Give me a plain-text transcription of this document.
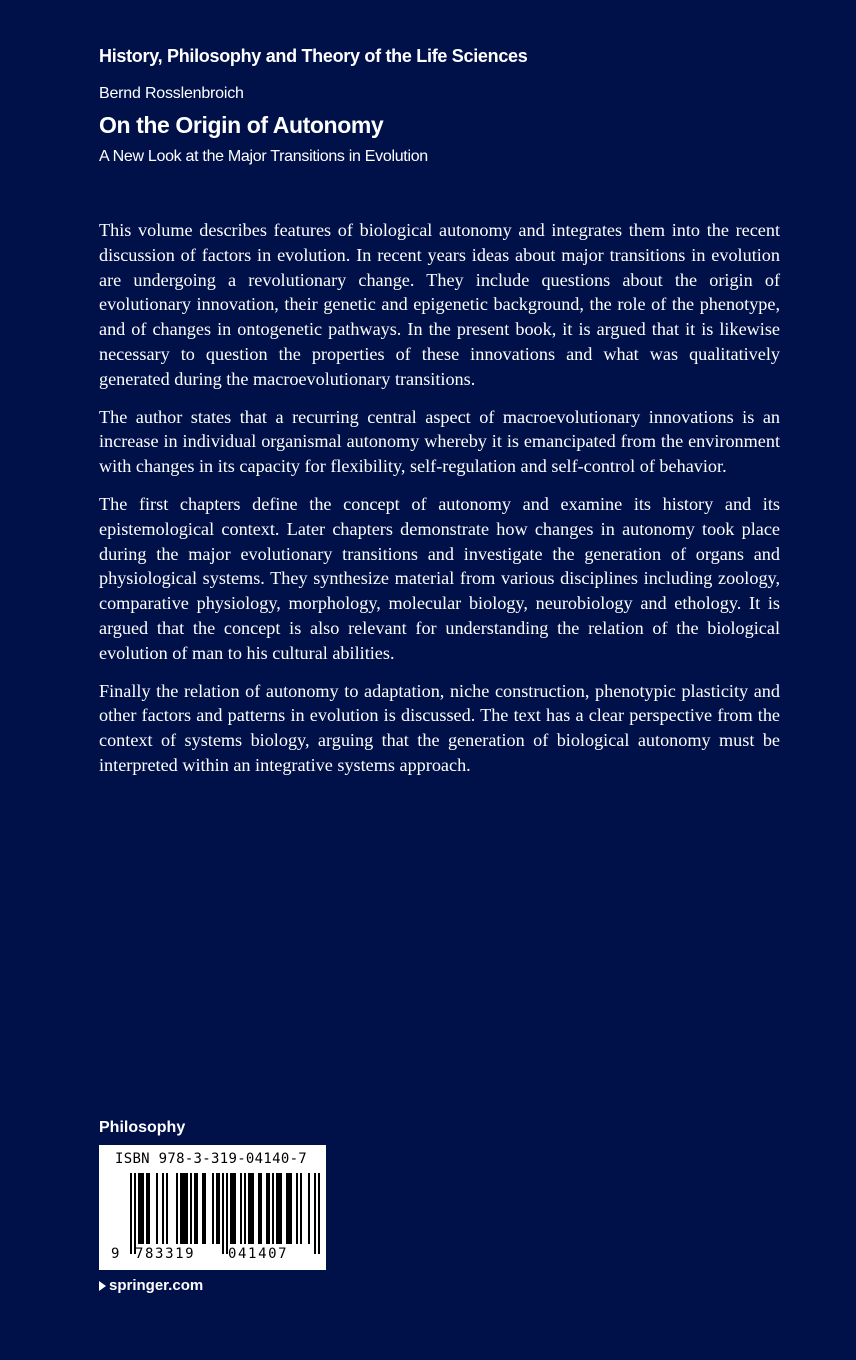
History, Philosophy and Theory of the Life Sciences
Bernd Rosslenbroich
On the Origin of Autonomy
A New Look at the Major Transitions in Evolution

This volume describes features of biological autonomy and integrates them into the recent discussion of factors in evolution. In recent years ideas about major transitions in evolution are undergoing a revolutionary change. They include questions about the origin of evolutionary innovation, their genetic and epigenetic background, the role of the phenotype, and of changes in ontogenetic pathways. In the present book, it is argued that it is likewise necessary to question the properties of these innovations and what was qualitatively generated during the macroevolutionary transitions.

The author states that a recurring central aspect of macroevolutionary innovations is an increase in individual organismal autonomy whereby it is emancipated from the environment with changes in its capacity for flexibility, self-regulation and self-control of behavior.

The first chapters define the concept of autonomy and examine its history and its epistemological context. Later chapters demonstrate how changes in autonomy took place during the major evolutionary transitions and investigate the generation of organs and physiological systems. They synthesize material from various disciplines including zoology, comparative physiology, morphology, molecular biology, neurobiology and ethology. It is argued that the concept is also relevant for understanding the relation of the biological evolution of man to his cultural abilities.

Finally the relation of autonomy to adaptation, niche construction, phenotypic plasticity and other factors and patterns in evolution is discussed. The text has a clear perspective from the context of systems biology, arguing that the generation of biological autonomy must be interpreted within an integrative systems approach.

Philosophy
ISBN 978-3-319-04140-7
9 783319 041407
springer.com
